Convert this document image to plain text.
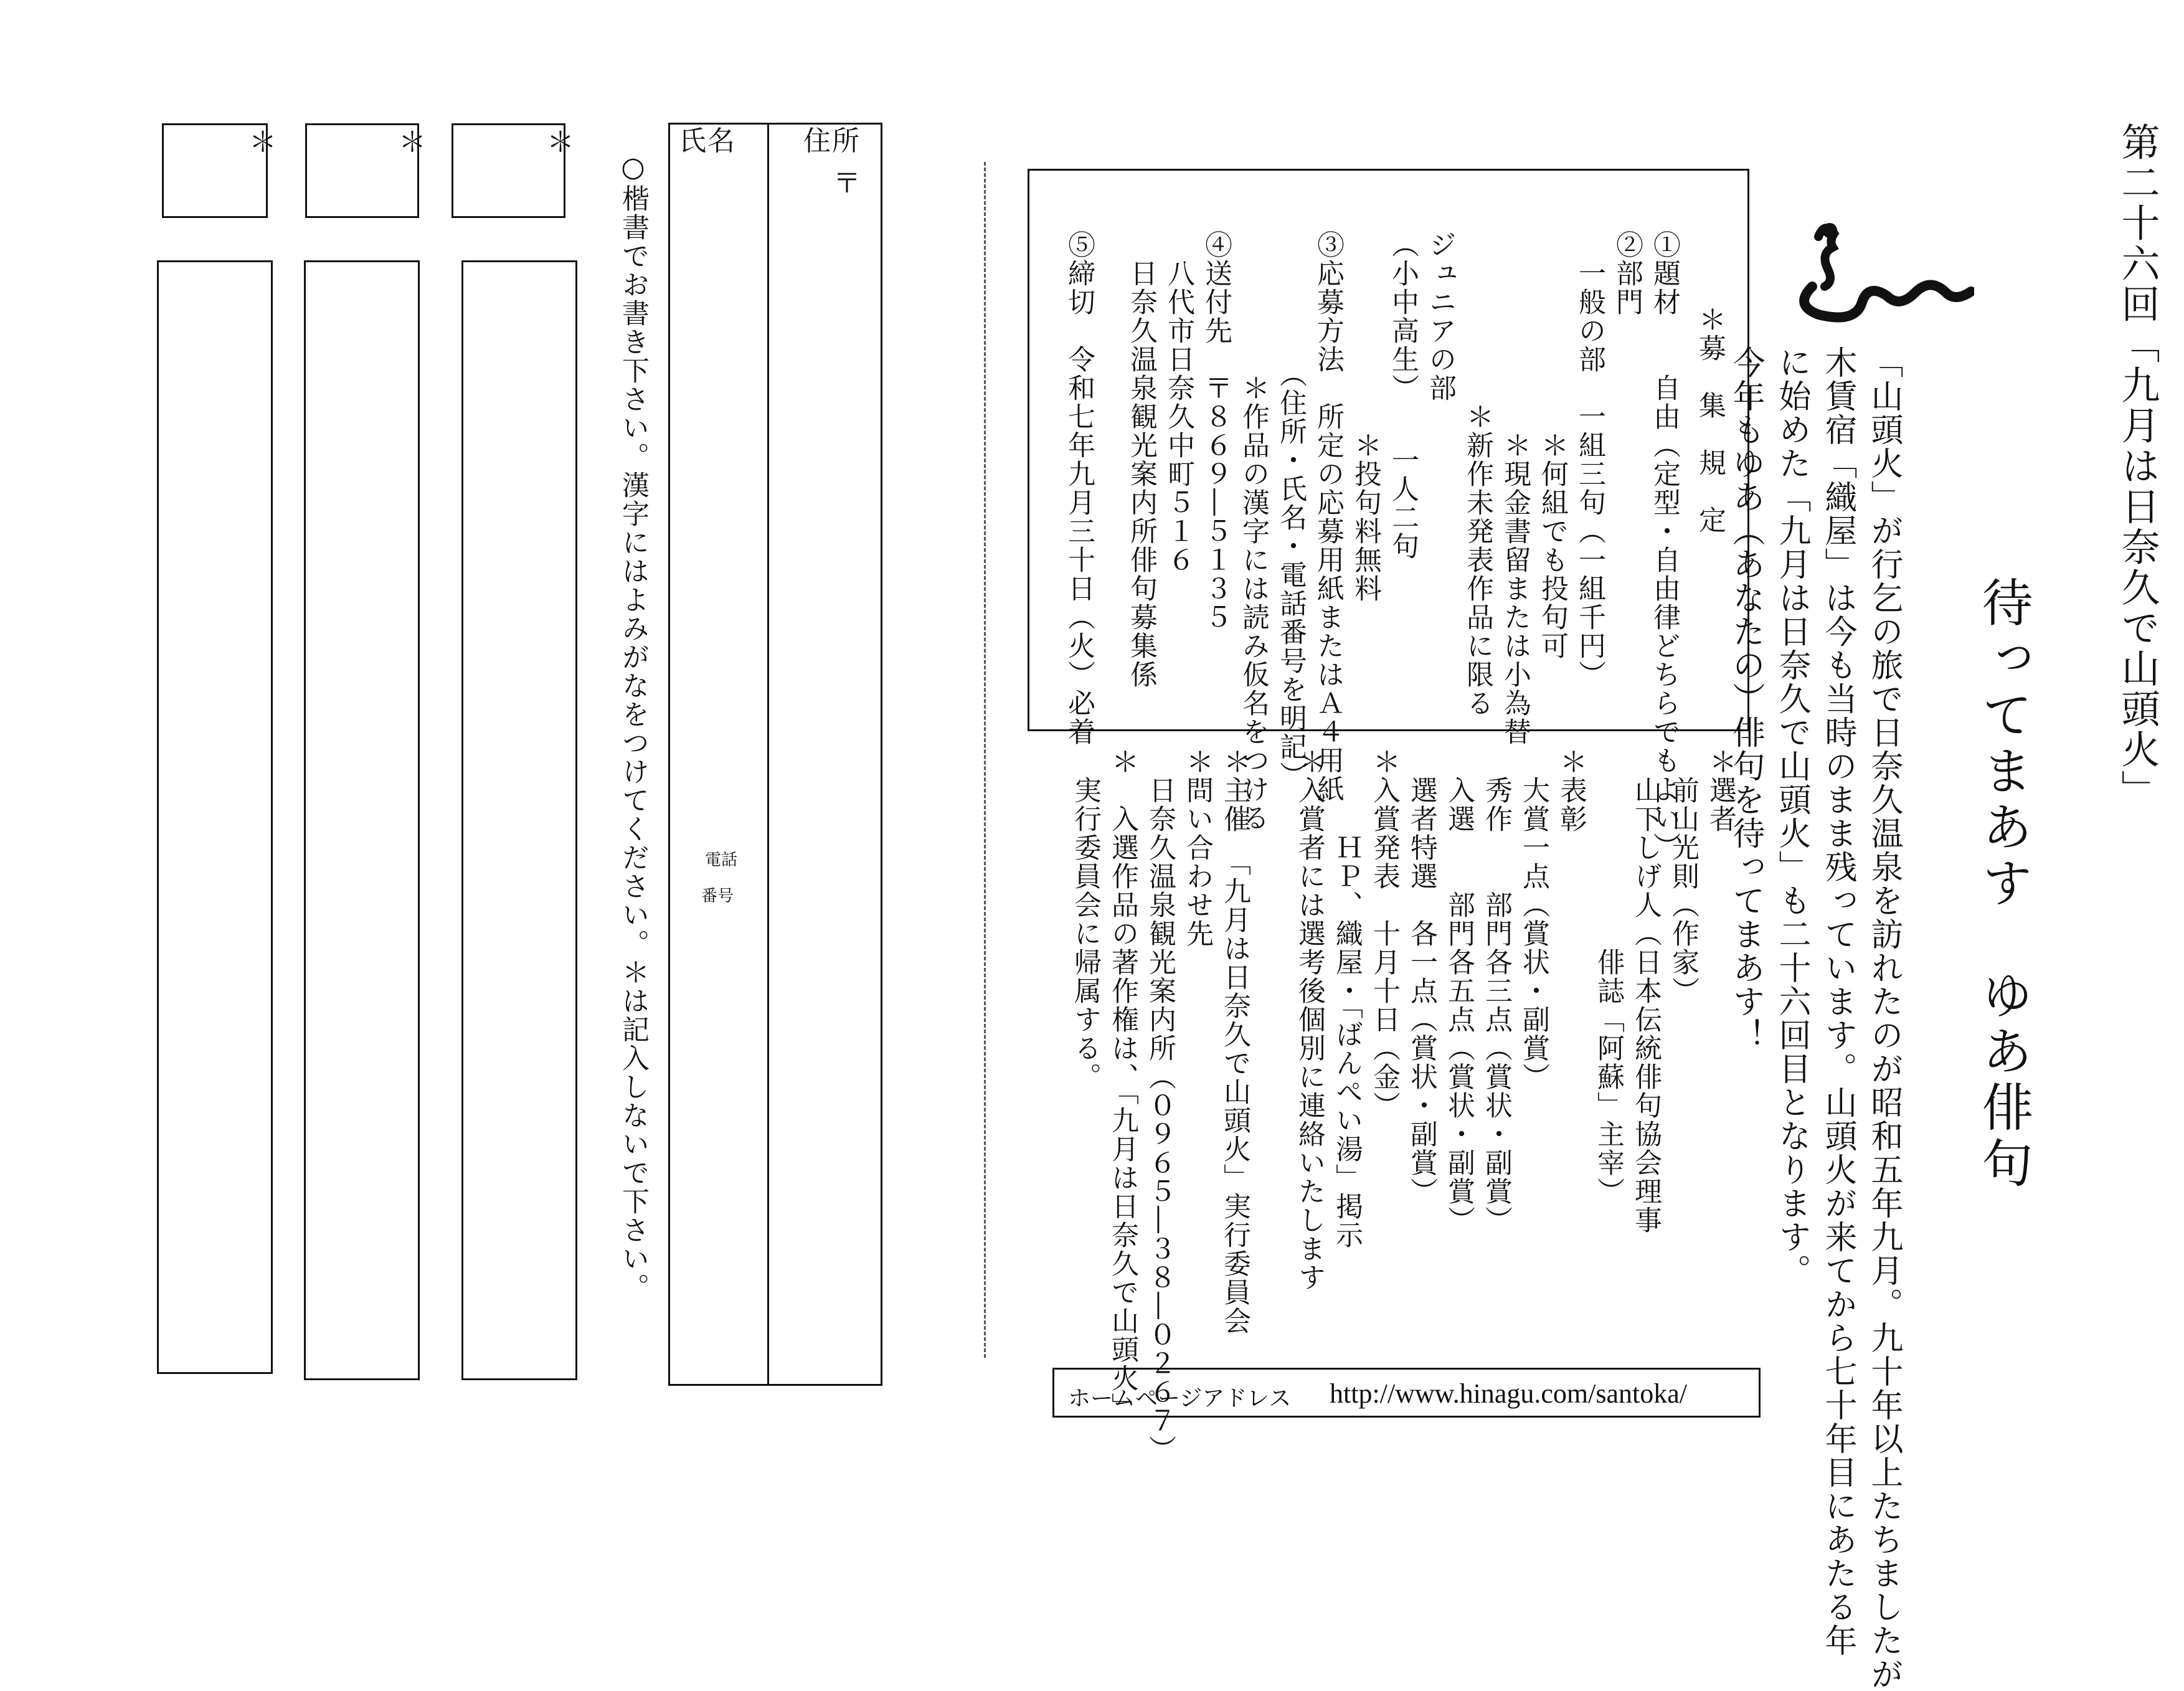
第二十六回「九月は日奈久で山頭火」
待ってまあす　ゆあ俳句
「山頭火」が行乞の旅で日奈久温泉を訪れたのが昭和五年九月。九十年以上たちましたが
木賃宿「織屋」は今も当時のまま残っています。山頭火が来てから七十年目にあたる年
に始めた「九月は日奈久で山頭火」も二十六回目となります。
今年もゆあ（あなたの）俳句を待ってまあす！
＊募　集　規　定
①題材　　自由（定型・自由律どちらでもよい）
②部門
　一般の部　一組三句（一組千円）
　　　　　　　＊何組でも投句可
　　　　　　　＊現金書留または小為替
　　　　　　＊新作未発表作品に限る
ジュニアの部
（小中高生）　　一人二句
　　　　　　　＊投句料無料
③応募方法　所定の応募用紙またはＡ４用紙
　　　　　（住所・氏名・電話番号を明記）
　　　　　＊作品の漢字には読み仮名をつける
④送付先　〒８６９―５１３５
　八代市日奈久中町５１６
　日奈久温泉観光案内所俳句募集係
⑤締切　令和七年九月三十日（火）必着
＊選者
　前山光則（作家）
　山下しげ人（日本伝統俳句協会理事
　　　　　　　俳誌「阿蘇」主宰）
＊表彰
　大賞一点（賞状・副賞）
　秀作　　部門各三点（賞状・副賞）
　入選　　部門各五点（賞状・副賞）
　選者特選　各一点（賞状・副賞）
＊入賞発表　十月十日（金）
　　　ＨＰ、織屋・「ばんぺい湯」掲示
＊入賞者には選考後個別に連絡いたします
＊主催　「九月は日奈久で山頭火」実行委員会
＊問い合わせ先
　日奈久温泉観光案内所（０９６５―３８―０２６７）
＊　入選作品の著作権は、「九月は日奈久で山頭火」
　実行委員会に帰属する。
ホームページアドレス http://www.hinagu.com/santoka/
住所
〒
氏名
電話
番号
○楷書でお書き下さい。漢字にはよみがなをつけてください。＊は記入しないで下さい。
＊
＊
＊
